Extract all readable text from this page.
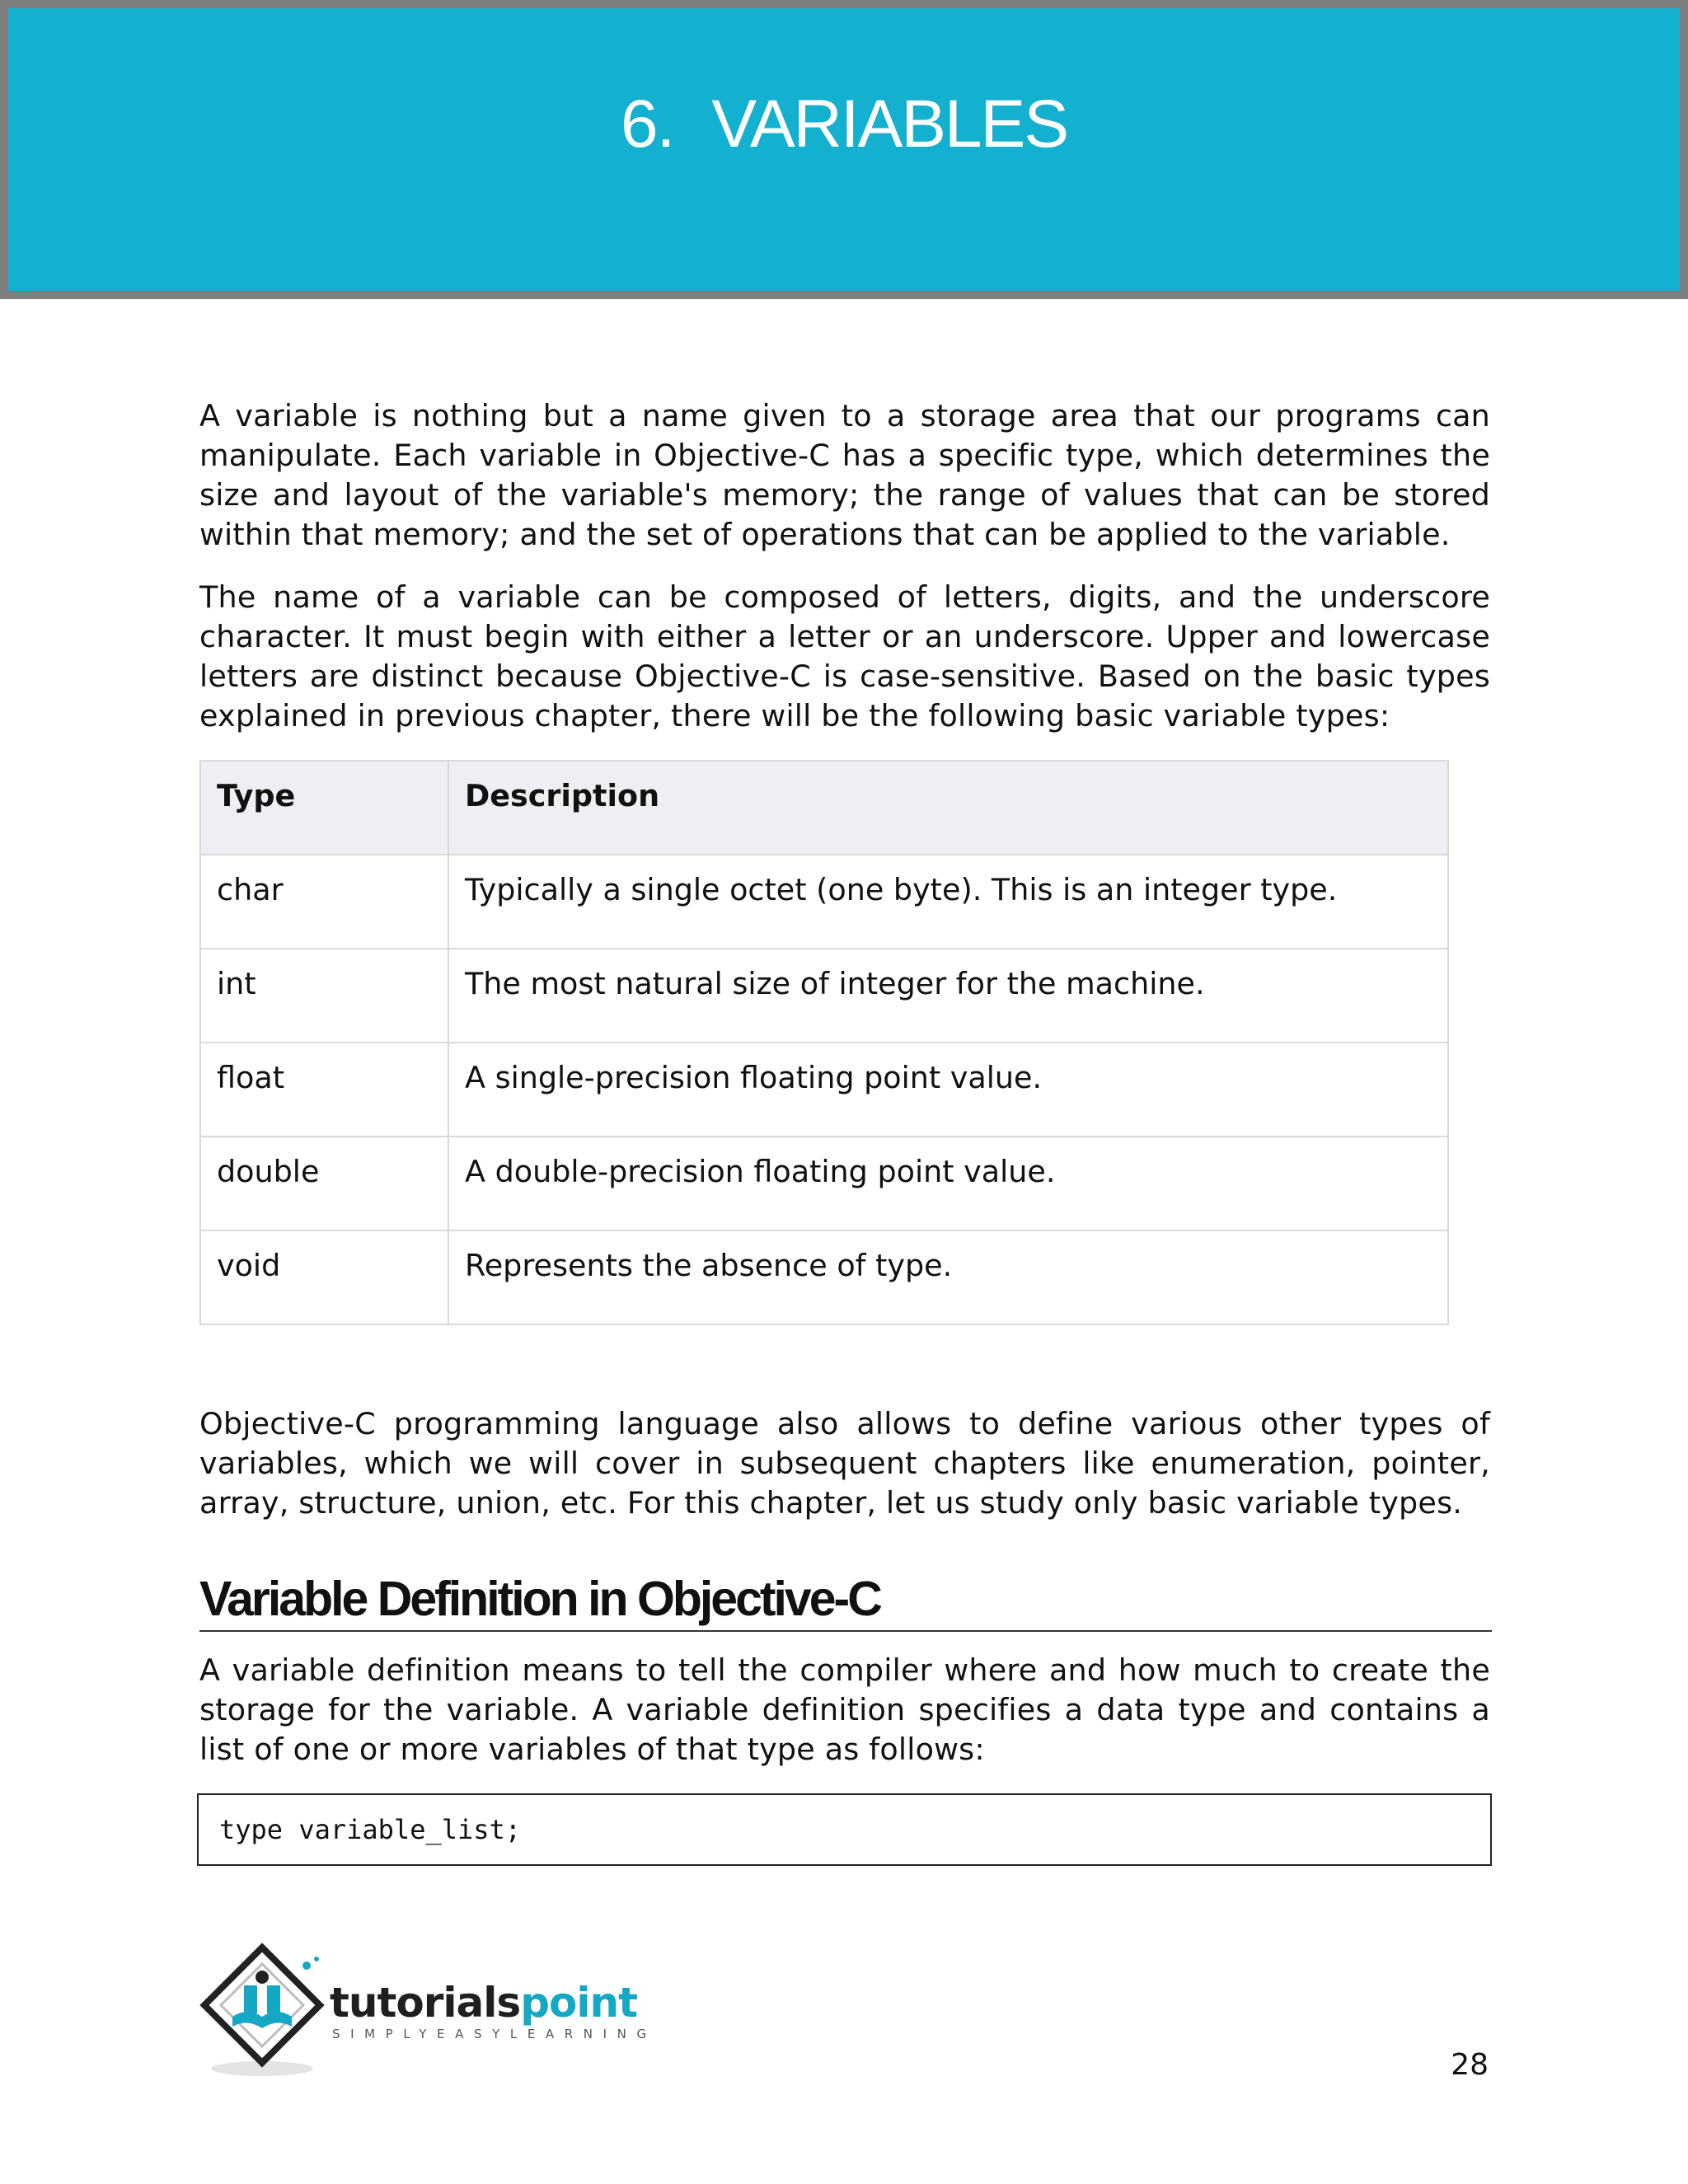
6. VARIABLES

A variable is nothing but a name given to a storage area that our programs can manipulate. Each variable in Objective-C has a specific type, which determines the size and layout of the variable's memory; the range of values that can be stored within that memory; and the set of operations that can be applied to the variable.

The name of a variable can be composed of letters, digits, and the underscore character. It must begin with either a letter or an underscore. Upper and lowercase letters are distinct because Objective-C is case-sensitive. Based on the basic types explained in previous chapter, there will be the following basic variable types:

Type	Description
char	Typically a single octet (one byte). This is an integer type.
int	The most natural size of integer for the machine.
float	A single-precision floating point value.
double	A double-precision floating point value.
void	Represents the absence of type.

Objective-C programming language also allows to define various other types of variables, which we will cover in subsequent chapters like enumeration, pointer, array, structure, union, etc. For this chapter, let us study only basic variable types.

Variable Definition in Objective-C

A variable definition means to tell the compiler where and how much to create the storage for the variable. A variable definition specifies a data type and contains a list of one or more variables of that type as follows:

type variable_list;
tutorialspoint
SIMPLYEASYLEARNING
28
